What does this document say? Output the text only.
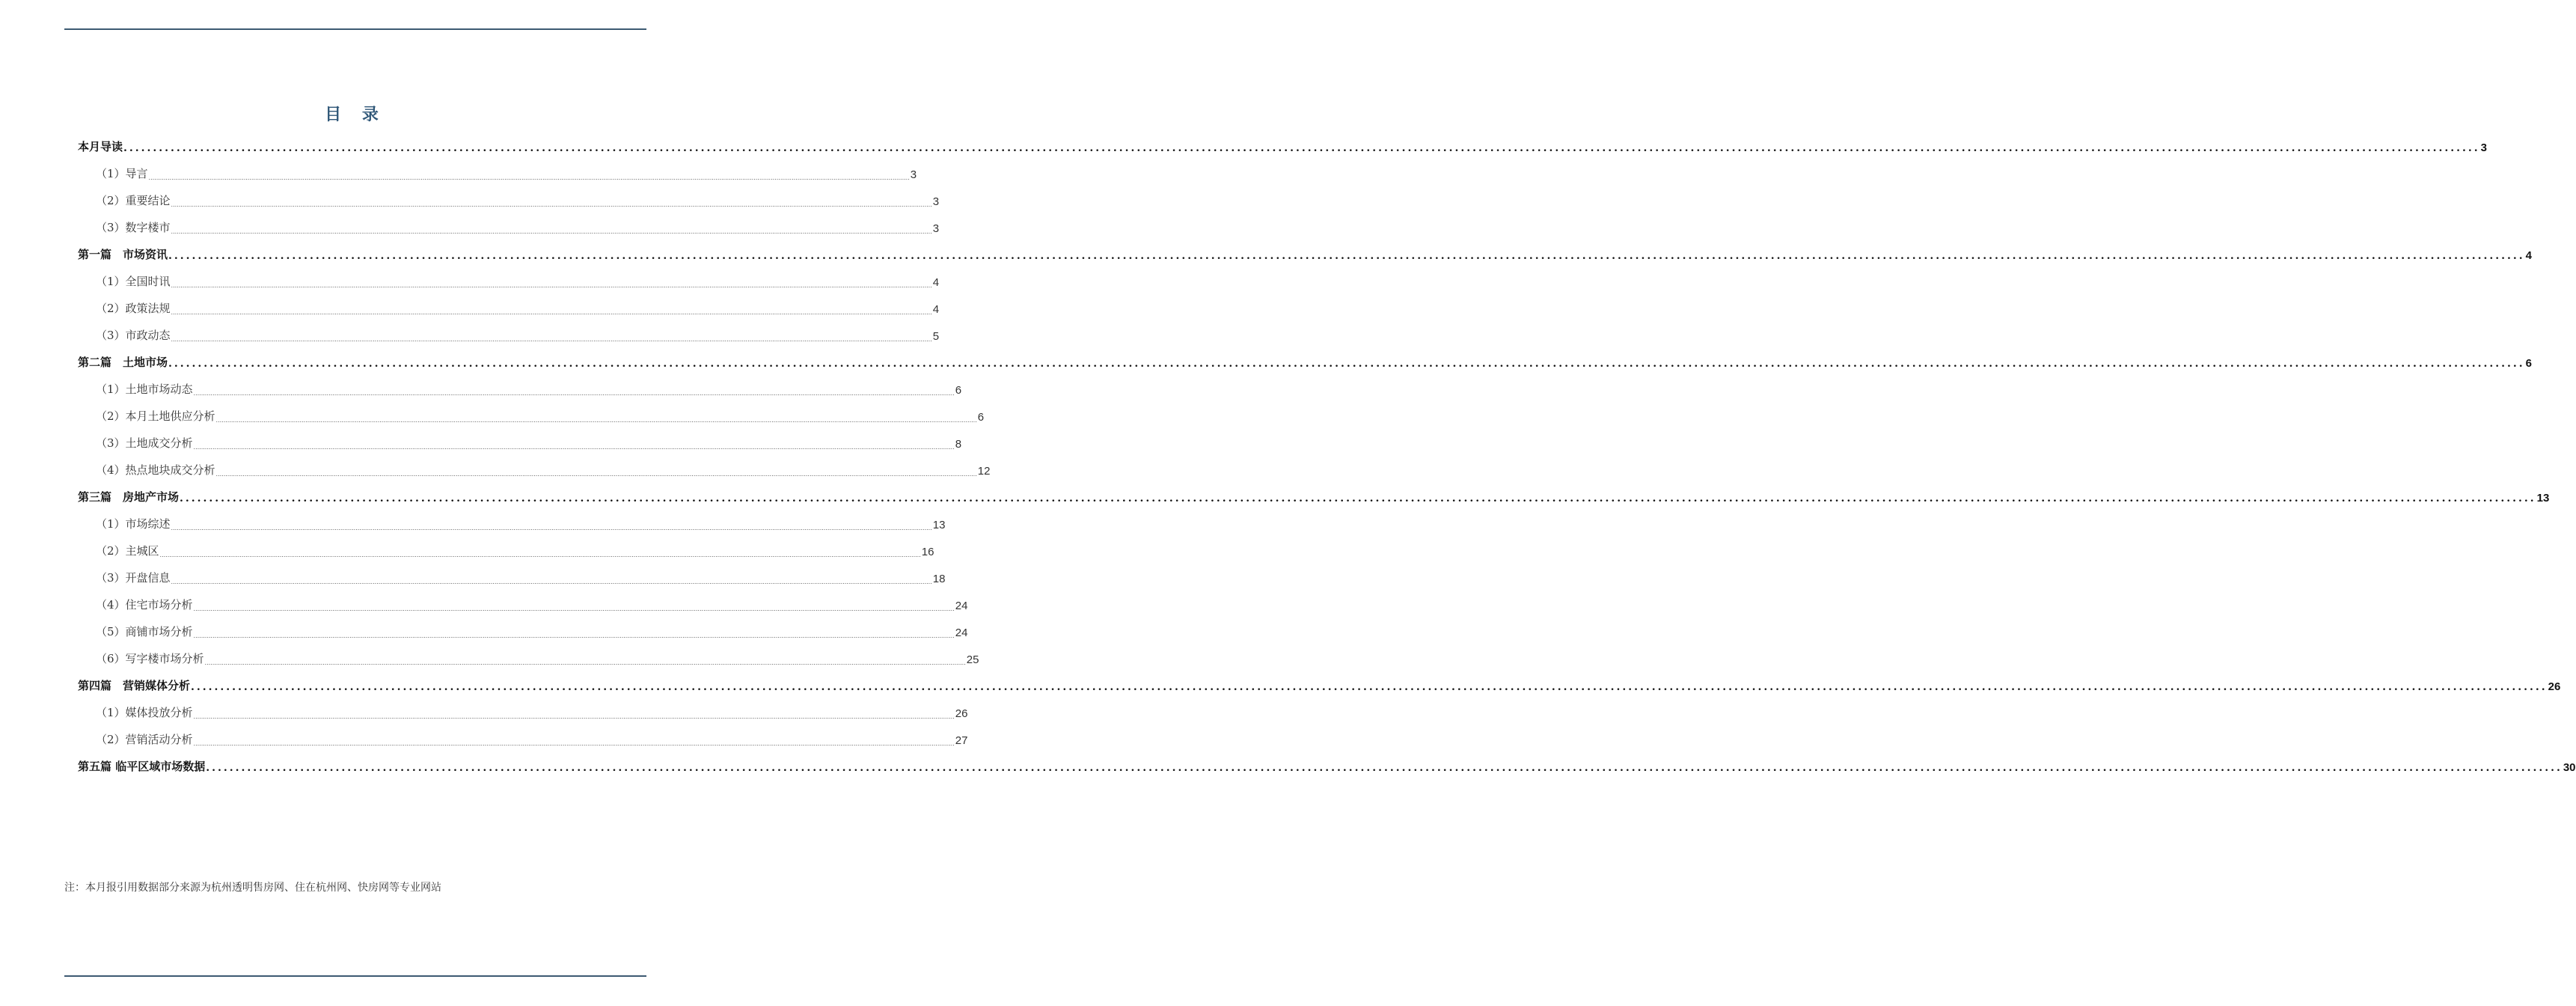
目 录
本月导读 ................................................................................................................................................................................................................................................................................................................................................................................................................ 3
（1）导言 ................................................................................................................................................................................................................................................................................................................................................................................................................ 3
（2）重要结论 ................................................................................................................................................................................................................................................................................................................................................................................................................ 3
（3）数字楼市 ................................................................................................................................................................................................................................................................................................................................................................................................................ 3
第一篇　市场资讯 ................................................................................................................................................................................................................................................................................................................................................................................................................ 4
（1）全国时讯 ................................................................................................................................................................................................................................................................................................................................................................................................................ 4
（2）政策法规 ................................................................................................................................................................................................................................................................................................................................................................................................................ 4
（3）市政动态 ................................................................................................................................................................................................................................................................................................................................................................................................................ 5
第二篇　土地市场 ................................................................................................................................................................................................................................................................................................................................................................................................................ 6
（1）土地市场动态 ................................................................................................................................................................................................................................................................................................................................................................................................................ 6
（2）本月土地供应分析 ................................................................................................................................................................................................................................................................................................................................................................................................................ 6
（3）土地成交分析 ................................................................................................................................................................................................................................................................................................................................................................................................................ 8
（4）热点地块成交分析 ................................................................................................................................................................................................................................................................................................................................................................................................................ 12
第三篇　房地产市场 ................................................................................................................................................................................................................................................................................................................................................................................................................ 13
（1）市场综述 ................................................................................................................................................................................................................................................................................................................................................................................................................ 13
（2）主城区 ................................................................................................................................................................................................................................................................................................................................................................................................................ 16
（3）开盘信息 ................................................................................................................................................................................................................................................................................................................................................................................................................ 18
（4）住宅市场分析 ................................................................................................................................................................................................................................................................................................................................................................................................................ 24
（5）商铺市场分析 ................................................................................................................................................................................................................................................................................................................................................................................................................ 24
（6）写字楼市场分析 ................................................................................................................................................................................................................................................................................................................................................................................................................ 25
第四篇　营销媒体分析 ................................................................................................................................................................................................................................................................................................................................................................................................................ 26
（1）媒体投放分析 ................................................................................................................................................................................................................................................................................................................................................................................................................ 26
（2）营销活动分析 ................................................................................................................................................................................................................................................................................................................................................................................................................ 27
第五篇 临平区域市场数据 ................................................................................................................................................................................................................................................................................................................................................................................................................ 30
注：本月报引用数据部分来源为杭州透明售房网、住在杭州网、快房网等专业网站
